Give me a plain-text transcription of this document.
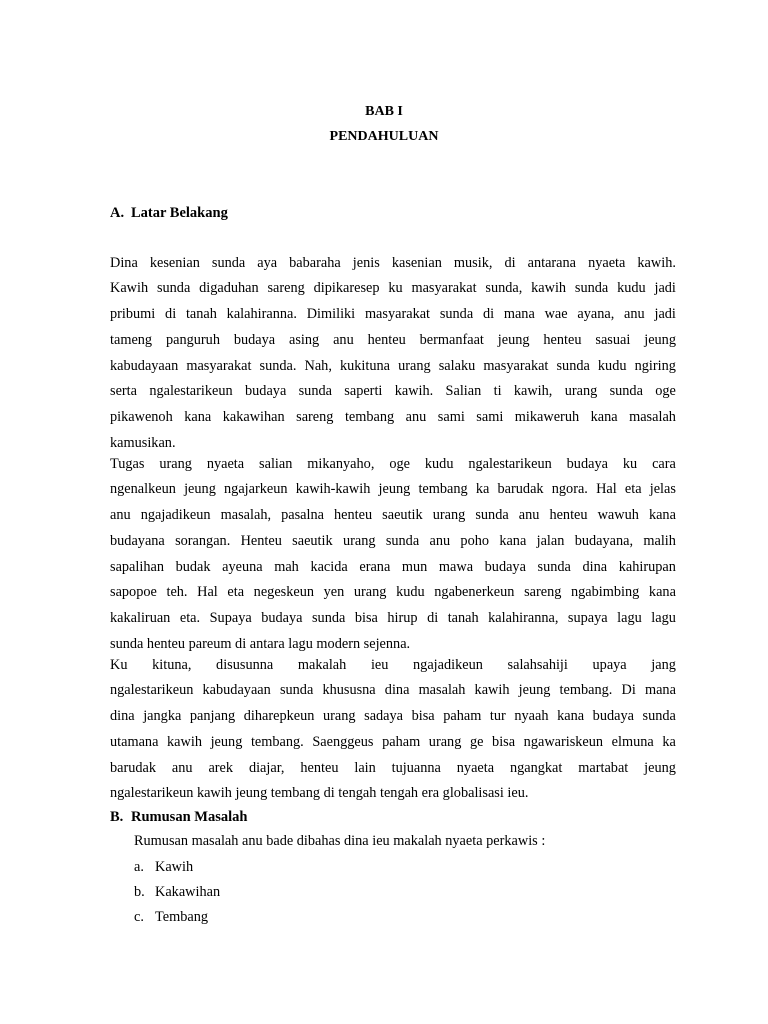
BAB I
PENDAHULUAN
A. Latar Belakang
Dina kesenian sunda aya babaraha jenis kasenian musik, di antarana nyaeta kawih.
Kawih sunda digaduhan sareng dipikaresep ku masyarakat sunda, kawih sunda kudu jadi
pribumi di tanah kalahiranna. Dimiliki masyarakat sunda di mana wae ayana, anu jadi
tameng panguruh budaya asing anu henteu bermanfaat jeung henteu sasuai jeung
kabudayaan masyarakat sunda. Nah, kukituna urang salaku masyarakat sunda kudu ngiring
serta ngalestarikeun budaya sunda saperti kawih. Salian ti kawih, urang sunda oge
pikawenoh kana kakawihan sareng tembang anu sami sami mikaweruh kana masalah
kamusikan.
Tugas urang nyaeta salian mikanyaho, oge kudu ngalestarikeun budaya ku cara
ngenalkeun jeung ngajarkeun kawih-kawih jeung tembang ka barudak ngora. Hal eta jelas
anu ngajadikeun masalah, pasalna henteu saeutik urang sunda anu henteu wawuh kana
budayana sorangan. Henteu saeutik urang sunda anu poho kana jalan budayana, malih
sapalihan budak ayeuna mah kacida erana mun mawa budaya sunda dina kahirupan
sapopoe teh. Hal eta negeskeun yen urang kudu ngabenerkeun sareng ngabimbing kana
kakaliruan eta. Supaya budaya sunda bisa hirup di tanah kalahiranna, supaya lagu lagu
sunda henteu pareum di antara lagu modern sejenna.
Ku kituna, disusunna makalah ieu ngajadikeun salahsahiji upaya jang
ngalestarikeun kabudayaan sunda khususna dina masalah kawih jeung tembang. Di mana
dina jangka panjang diharepkeun urang sadaya bisa paham tur nyaah kana budaya sunda
utamana kawih jeung tembang. Saenggeus paham urang ge bisa ngawariskeun elmuna ka
barudak anu arek diajar, henteu lain tujuanna nyaeta ngangkat martabat jeung
ngalestarikeun kawih jeung tembang di tengah tengah era globalisasi ieu.
B. Rumusan Masalah
Rumusan masalah anu bade dibahas dina ieu makalah nyaeta perkawis :
a. Kawih
b. Kakawihan
c. Tembang
